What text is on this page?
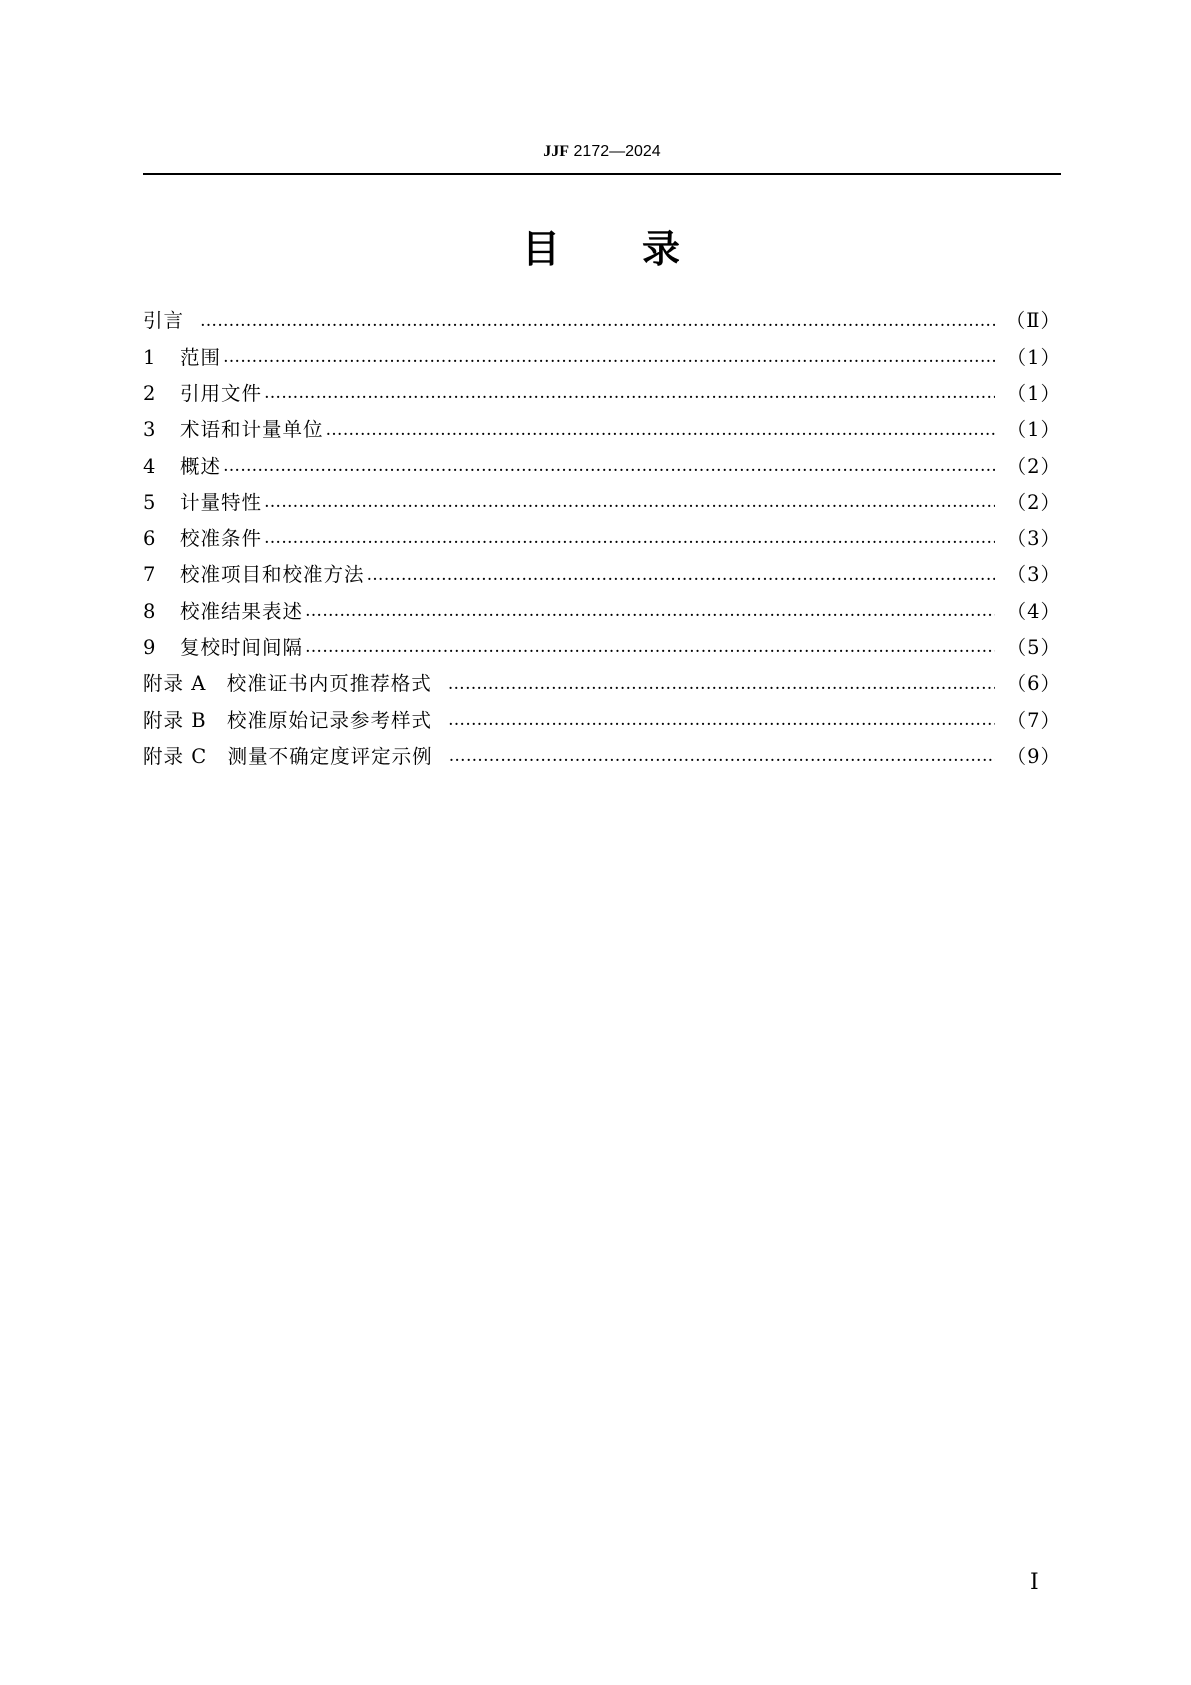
JJF 2172—2024
目 录
引言 …………………………………………………………………………………………………………………………………………………………………………………………………………………………………………………………	（Ⅱ）
1	范围 …………………………………………………………………………………………………………………………………………………………………………………………………………………………………………………………	（1）
2	引用文件 …………………………………………………………………………………………………………………………………………………………………………………………………………………………………………………………	（1）
3	术语和计量单位 …………………………………………………………………………………………………………………………………………………………………………………………………………………………………………………………	（1）
4	概述 …………………………………………………………………………………………………………………………………………………………………………………………………………………………………………………………	（2）
5	计量特性 …………………………………………………………………………………………………………………………………………………………………………………………………………………………………………………………	（2）
6	校准条件 …………………………………………………………………………………………………………………………………………………………………………………………………………………………………………………………	（3）
7	校准项目和校准方法 …………………………………………………………………………………………………………………………………………………………………………………………………………………………………………………………	（3）
8	校准结果表述 …………………………………………………………………………………………………………………………………………………………………………………………………………………………………………………………	（4）
9	复校时间间隔 …………………………………………………………………………………………………………………………………………………………………………………………………………………………………………………………	（5）
附录 A　校准证书内页推荐格式 …………………………………………………………………………………………………………………………………………………………………………………………………………………………………………………………	（6）
附录 B　校准原始记录参考样式 …………………………………………………………………………………………………………………………………………………………………………………………………………………………………………………………	（7）
附录 C　测量不确定度评定示例 …………………………………………………………………………………………………………………………………………………………………………………………………………………………………………………………	（9）
Ⅰ
